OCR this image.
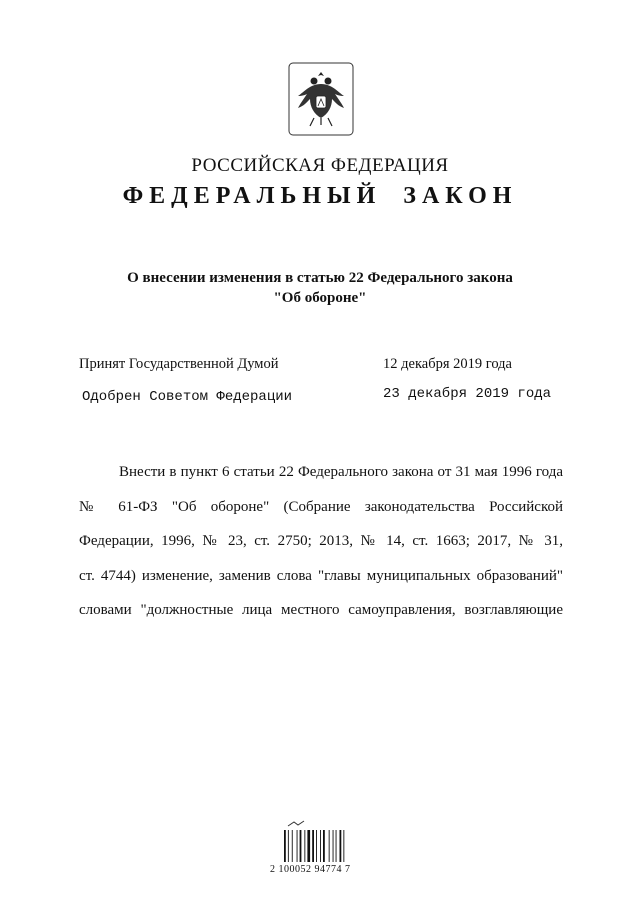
РОССИЙСКАЯ ФЕДЕРАЦИЯ
ФЕДЕРАЛЬНЫЙ ЗАКОН
О внесении изменения в статью 22 Федерального закона
"Об обороне"
Принят Государственной Думой	12 декабря 2019 года
Одобрен Советом Федерации	23 декабря 2019 года
Внести в пункт 6 статьи 22 Федерального закона от 31 мая 1996 года
№ 61-ФЗ "Об обороне" (Собрание законодательства Российской
Федерации, 1996, № 23, ст. 2750; 2013, № 14, ст. 1663; 2017, № 31,
ст. 4744) изменение, заменив слова "главы муниципальных образований"
словами "должностные лица местного самоуправления, возглавляющие
2 100052 94774 7
